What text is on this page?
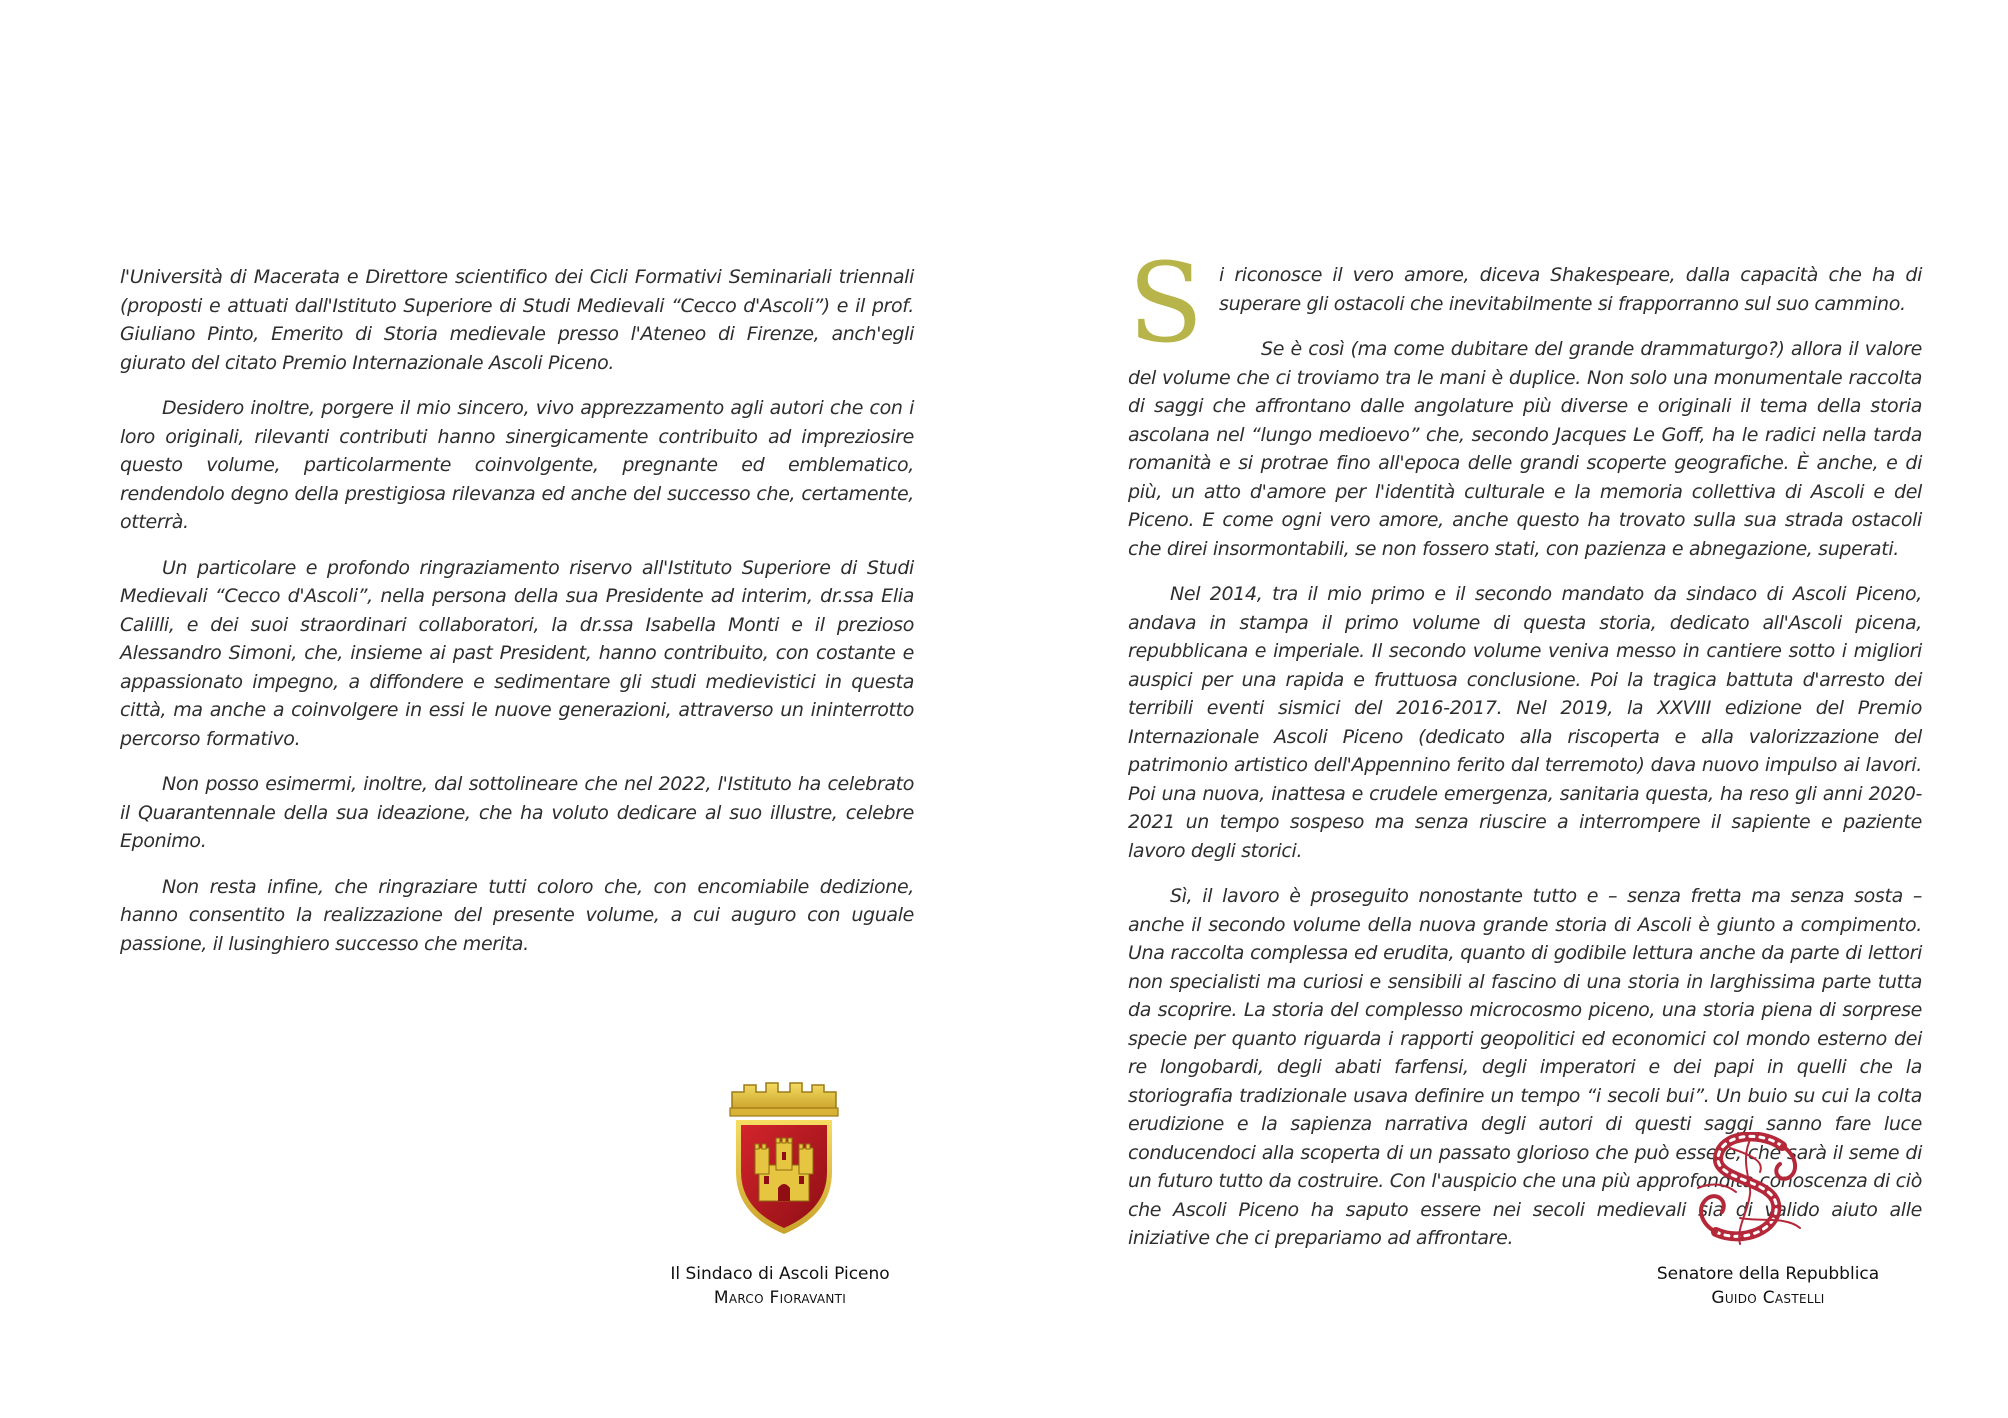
l'Università di Macerata e Direttore scientifico dei Cicli Formativi Seminariali triennali (proposti e attuati dall'Istituto Superiore di Studi Medievali “Cecco d'Ascoli”) e il prof. Giuliano Pinto, Emerito di Storia medievale presso l'Ateneo di Firenze, anch'egli giurato del citato Premio Internazionale Ascoli Piceno.

Desidero inoltre, porgere il mio sincero, vivo apprezzamento agli autori che con i loro originali, rilevanti contributi hanno sinergicamente contribuito ad impreziosire questo volume, particolarmente coinvolgente, pregnante ed emblematico, rendendolo degno della prestigiosa rilevanza ed anche del successo che, certamente, otterrà.

Un particolare e profondo ringraziamento riservo all'Istituto Superiore di Studi Medievali “Cecco d'Ascoli”, nella persona della sua Presidente ad interim, dr.ssa Elia Calilli, e dei suoi straordinari collaboratori, la dr.ssa Isabella Monti e il prezioso Alessandro Simoni, che, insieme ai past President, hanno contribuito, con costante e appassionato impegno, a diffondere e sedimentare gli studi medievistici in questa città, ma anche a coinvolgere in essi le nuove generazioni, attraverso un ininterrotto percorso formativo.

Non posso esimermi, inoltre, dal sottolineare che nel 2022, l'Istituto ha celebrato il Quarantennale della sua ideazione, che ha voluto dedicare al suo illustre, celebre Eponimo.

Non resta infine, che ringraziare tutti coloro che, con encomiabile dedizione, hanno consentito la realizzazione del presente volume, a cui auguro con uguale passione, il lusinghiero successo che merita.

Il Sindaco di Ascoli Piceno
Marco Fioravanti

Si riconosce il vero amore, diceva Shakespeare, dalla capacità che ha di superare gli ostacoli che inevitabilmente si frapporranno sul suo cammino.

Se è così (ma come dubitare del grande drammaturgo?) allora il valore del volume che ci troviamo tra le mani è duplice. Non solo una monumentale raccolta di saggi che affrontano dalle angolature più diverse e originali il tema della storia ascolana nel “lungo medioevo” che, secondo Jacques Le Goff, ha le radici nella tarda romanità e si protrae fino all'epoca delle grandi scoperte geografiche. È anche, e di più, un atto d'amore per l'identità culturale e la memoria collettiva di Ascoli e del Piceno. E come ogni vero amore, anche questo ha trovato sulla sua strada ostacoli che direi insormontabili, se non fossero stati, con pazienza e abnegazione, superati.

Nel 2014, tra il mio primo e il secondo mandato da sindaco di Ascoli Piceno, andava in stampa il primo volume di questa storia, dedicato all'Ascoli picena, repubblicana e imperiale. Il secondo volume veniva messo in cantiere sotto i migliori auspici per una rapida e fruttuosa conclusione. Poi la tragica battuta d'arresto dei terribili eventi sismici del 2016-2017. Nel 2019, la XXVIII edizione del Premio Internazionale Ascoli Piceno (dedicato alla riscoperta e alla valorizzazione del patrimonio artistico dell'Appennino ferito dal terremoto) dava nuovo impulso ai lavori. Poi una nuova, inattesa e crudele emergenza, sanitaria questa, ha reso gli anni 2020-2021 un tempo sospeso ma senza riuscire a interrompere il sapiente e paziente lavoro degli storici.

Sì, il lavoro è proseguito nonostante tutto e – senza fretta ma senza sosta – anche il secondo volume della nuova grande storia di Ascoli è giunto a compimento. Una raccolta complessa ed erudita, quanto di godibile lettura anche da parte di lettori non specialisti ma curiosi e sensibili al fascino di una storia in larghissima parte tutta da scoprire. La storia del complesso microcosmo piceno, una storia piena di sorprese specie per quanto riguarda i rapporti geopolitici ed economici col mondo esterno dei re longobardi, degli abati farfensi, degli imperatori e dei papi in quelli che la storiografia tradizionale usava definire un tempo “i secoli bui”. Un buio su cui la colta erudizione e la sapienza narrativa degli autori di questi saggi sanno fare luce conducendoci alla scoperta di un passato glorioso che può essere, che sarà il seme di un futuro tutto da costruire. Con l'auspicio che una più approfondita conoscenza di ciò che Ascoli Piceno ha saputo essere nei secoli medievali sia di valido aiuto alle iniziative che ci prepariamo ad affrontare.

Senatore della Repubblica
Guido Castelli
